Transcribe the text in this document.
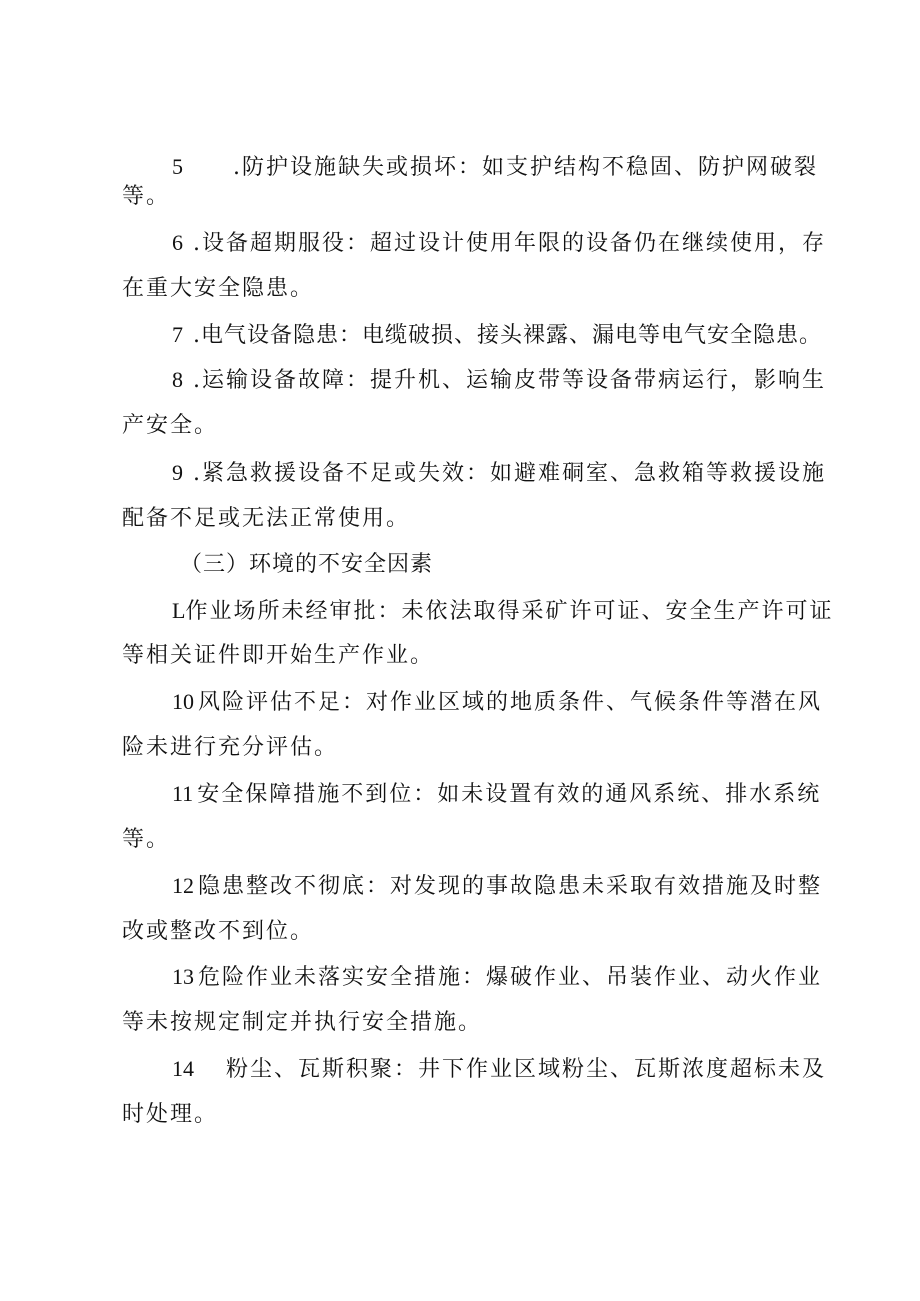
5 .防护设施缺失或损坏：如支护结构不稳固、防护网破裂
等。
6 .设备超期服役：超过设计使用年限的设备仍在继续使用，存
在重大安全隐患。
7 .电气设备隐患：电缆破损、接头裸露、漏电等电气安全隐患。
8 .运输设备故障：提升机、运输皮带等设备带病运行，影响生
产安全。
9 .紧急救援设备不足或失效：如避难硐室、急救箱等救援设施
配备不足或无法正常使用。
（三）环境的不安全因素
L作业场所未经审批：未依法取得采矿许可证、安全生产许可证
等相关证件即开始生产作业。
10 风险评估不足：对作业区域的地质条件、气候条件等潜在风
险未进行充分评估。
11 安全保障措施不到位：如未设置有效的通风系统、排水系统
等。
12 隐患整改不彻底：对发现的事故隐患未采取有效措施及时整
改或整改不到位。
13 危险作业未落实安全措施：爆破作业、吊装作业、动火作业
等未按规定制定并执行安全措施。
14 粉尘、瓦斯积聚：井下作业区域粉尘、瓦斯浓度超标未及
时处理。
